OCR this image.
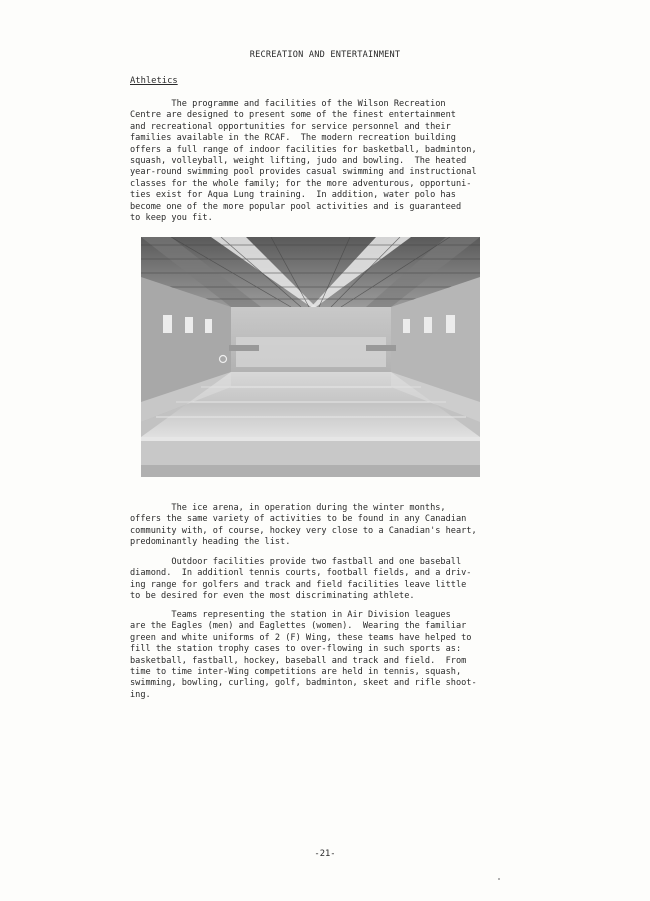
RECREATION AND ENTERTAINMENT
Athletics
The programme and facilities of the Wilson Recreation
Centre are designed to present some of the finest entertainment
and recreational opportunities for service personnel and their
families available in the RCAF.  The modern recreation building
offers a full range of indoor facilities for basketball, badminton,
squash, volleyball, weight lifting, judo and bowling.  The heated
year-round swimming pool provides casual swimming and instructional
classes for the whole family; for the more adventurous, opportuni-
ties exist for Aqua Lung training.  In addition, water polo has
become one of the more popular pool activities and is guaranteed
to keep you fit.
The ice arena, in operation during the winter months,
offers the same variety of activities to be found in any Canadian
community with, of course, hockey very close to a Canadian's heart,
predominantly heading the list.
Outdoor facilities provide two fastball and one baseball
diamond.  In additionl tennis courts, football fields, and a driv-
ing range for golfers and track and field facilities leave little
to be desired for even the most discriminating athlete.
Teams representing the station in Air Division leagues
are the Eagles (men) and Eaglettes (women).  Wearing the familiar
green and white uniforms of 2 (F) Wing, these teams have helped to
fill the station trophy cases to over-flowing in such sports as:
basketball, fastball, hockey, baseball and track and field.  From
time to time inter-Wing competitions are held in tennis, squash,
swimming, bowling, curling, golf, badminton, skeet and rifle shoot-
ing.
-21-
